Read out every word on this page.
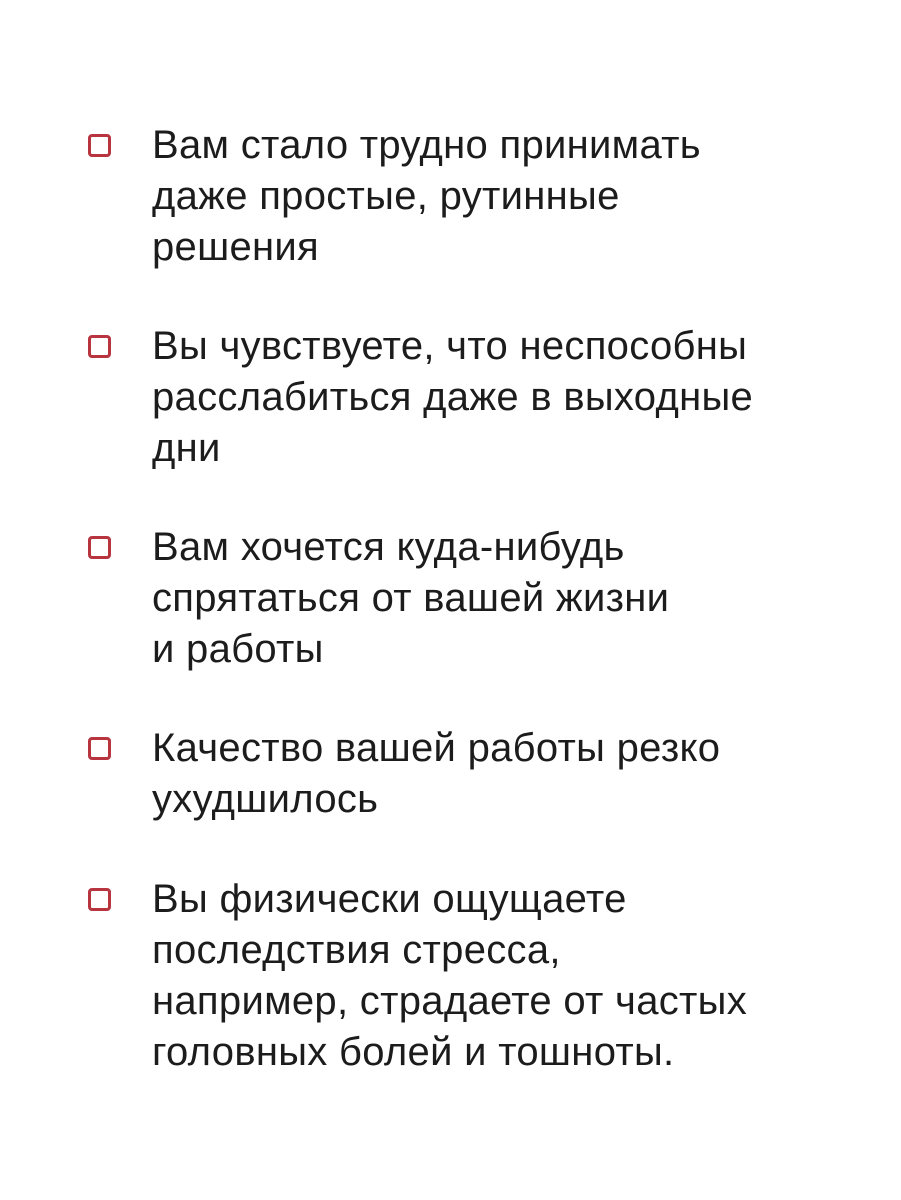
Вам стало трудно принимать
даже простые, рутинные
решения
Вы чувствуете, что неспособны
расслабиться даже в выходные
дни
Вам хочется куда-нибудь
спрятаться от вашей жизни
и работы
Качество вашей работы резко
ухудшилось
Вы физически ощущаете
последствия стресса,
например, страдаете от частых
головных болей и тошноты.
